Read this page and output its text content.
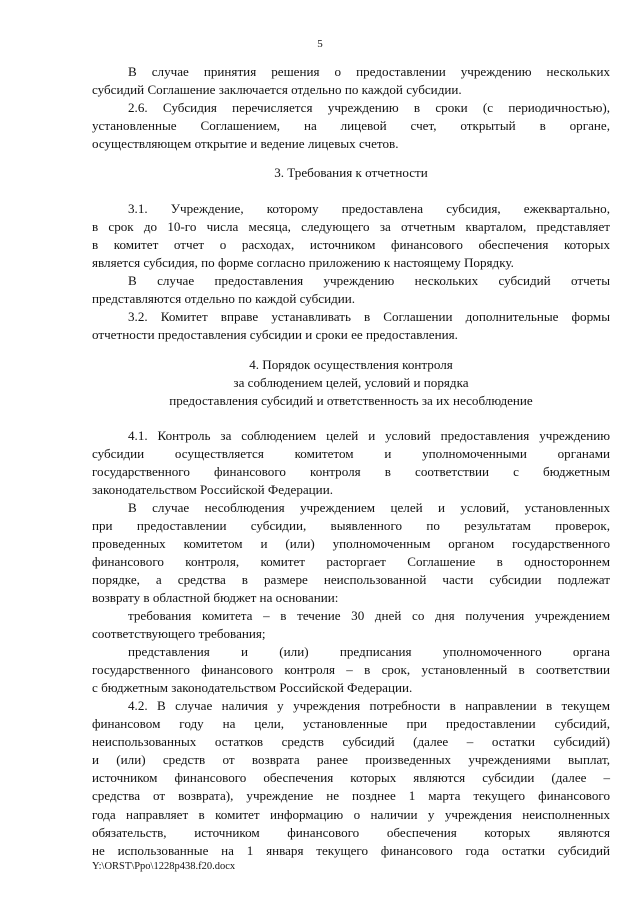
5

В случае принятия решения о предоставлении учреждению нескольких

субсидий Соглашение заключается отдельно по каждой субсидии.

2.6. Субсидия перечисляется учреждению в сроки (с периодичностью),

установленные Соглашением, на лицевой счет, открытый в органе,

осуществляющем открытие и ведение лицевых счетов.

3. Требования к отчетности

3.1. Учреждение, которому предоставлена субсидия, ежеквартально,

в срок до 10-го числа месяца, следующего за отчетным кварталом, представляет

в комитет отчет о расходах, источником финансового обеспечения которых

является субсидия, по форме согласно приложению к настоящему Порядку.

В случае предоставления учреждению нескольких субсидий отчеты

представляются отдельно по каждой субсидии.

3.2. Комитет вправе устанавливать в Соглашении дополнительные формы

отчетности предоставления субсидии и сроки ее предоставления.

4. Порядок осуществления контроля

за соблюдением целей, условий и порядка

предоставления субсидий и ответственность за их несоблюдение

4.1. Контроль за соблюдением целей и условий предоставления учреждению

субсидии осуществляется комитетом и уполномоченными органами

государственного финансового контроля в соответствии с бюджетным

законодательством Российской Федерации.

В случае несоблюдения учреждением целей и условий, установленных

при предоставлении субсидии, выявленного по результатам проверок,

проведенных комитетом и (или) уполномоченным органом государственного

финансового контроля, комитет расторгает Соглашение в одностороннем

порядке, а средства в размере неиспользованной части субсидии подлежат

возврату в областной бюджет на основании:

требования комитета – в течение 30 дней со дня получения учреждением

соответствующего требования;

представления и (или) предписания уполномоченного органа

государственного финансового контроля – в срок, установленный в соответствии

с бюджетным законодательством Российской Федерации.

4.2. В случае наличия у учреждения потребности в направлении в текущем

финансовом году на цели, установленные при предоставлении субсидий,

неиспользованных остатков средств субсидий (далее – остатки субсидий)

и (или) средств от возврата ранее произведенных учреждениями выплат,

источником финансового обеспечения которых являются субсидии (далее –

средства от возврата), учреждение не позднее 1 марта текущего финансового

года направляет в комитет информацию о наличии у учреждения неисполненных

обязательств, источником финансового обеспечения которых являются

не использованные на 1 января текущего финансового года остатки субсидий

Y:\ORST\Ppo\1228p438.f20.docx
